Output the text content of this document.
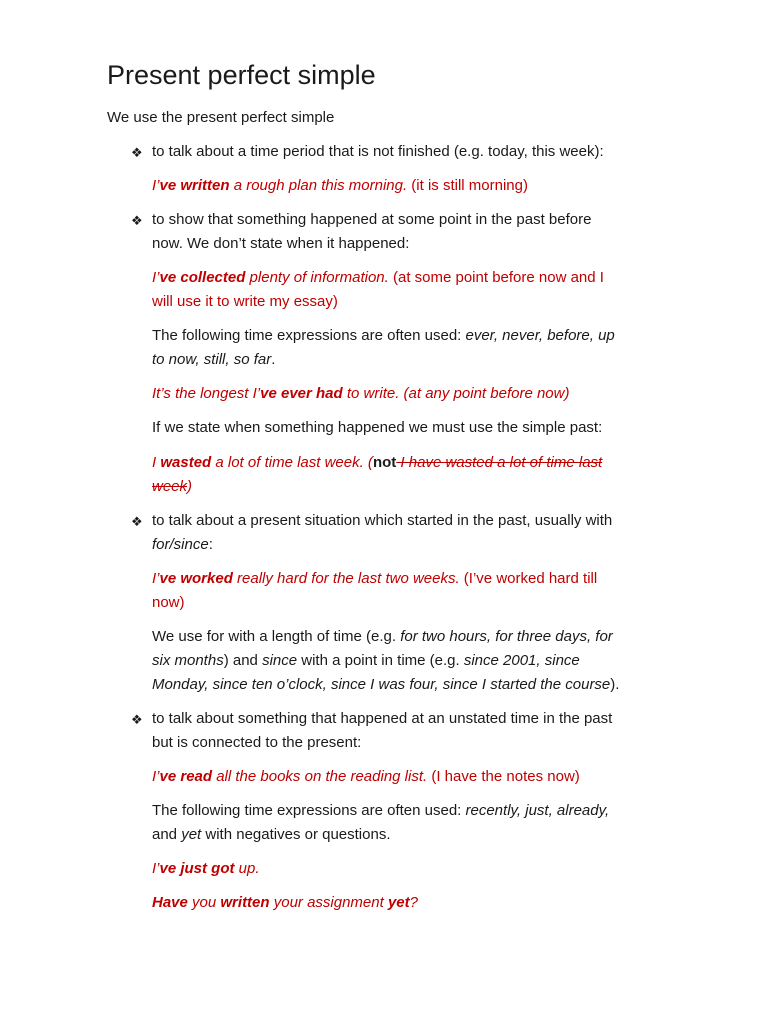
Present perfect simple
We use the present perfect simple
❖ to talk about a time period that is not finished (e.g. today, this week):
I’ve written a rough plan this morning. (it is still morning)
❖ to show that something happened at some point in the past before
now. We don’t state when it happened:
I’ve collected plenty of information. (at some point before now and I
will use it to write my essay)
The following time expressions are often used: ever, never, before, up
to now, still, so far.
It’s the longest I’ve ever had to write. (at any point before now)
If we state when something happened we must use the simple past:
I wasted a lot of time last week. (not I have wasted a lot of time last
week)
❖ to talk about a present situation which started in the past, usually with
for/since:
I’ve worked really hard for the last two weeks. (I’ve worked hard till
now)
We use for with a length of time (e.g. for two hours, for three days, for
six months) and since with a point in time (e.g. since 2001, since
Monday, since ten o’clock, since I was four, since I started the course).
❖ to talk about something that happened at an unstated time in the past
but is connected to the present:
I’ve read all the books on the reading list. (I have the notes now)
The following time expressions are often used: recently, just, already,
and yet with negatives or questions.
I’ve just got up.
Have you written your assignment yet?
